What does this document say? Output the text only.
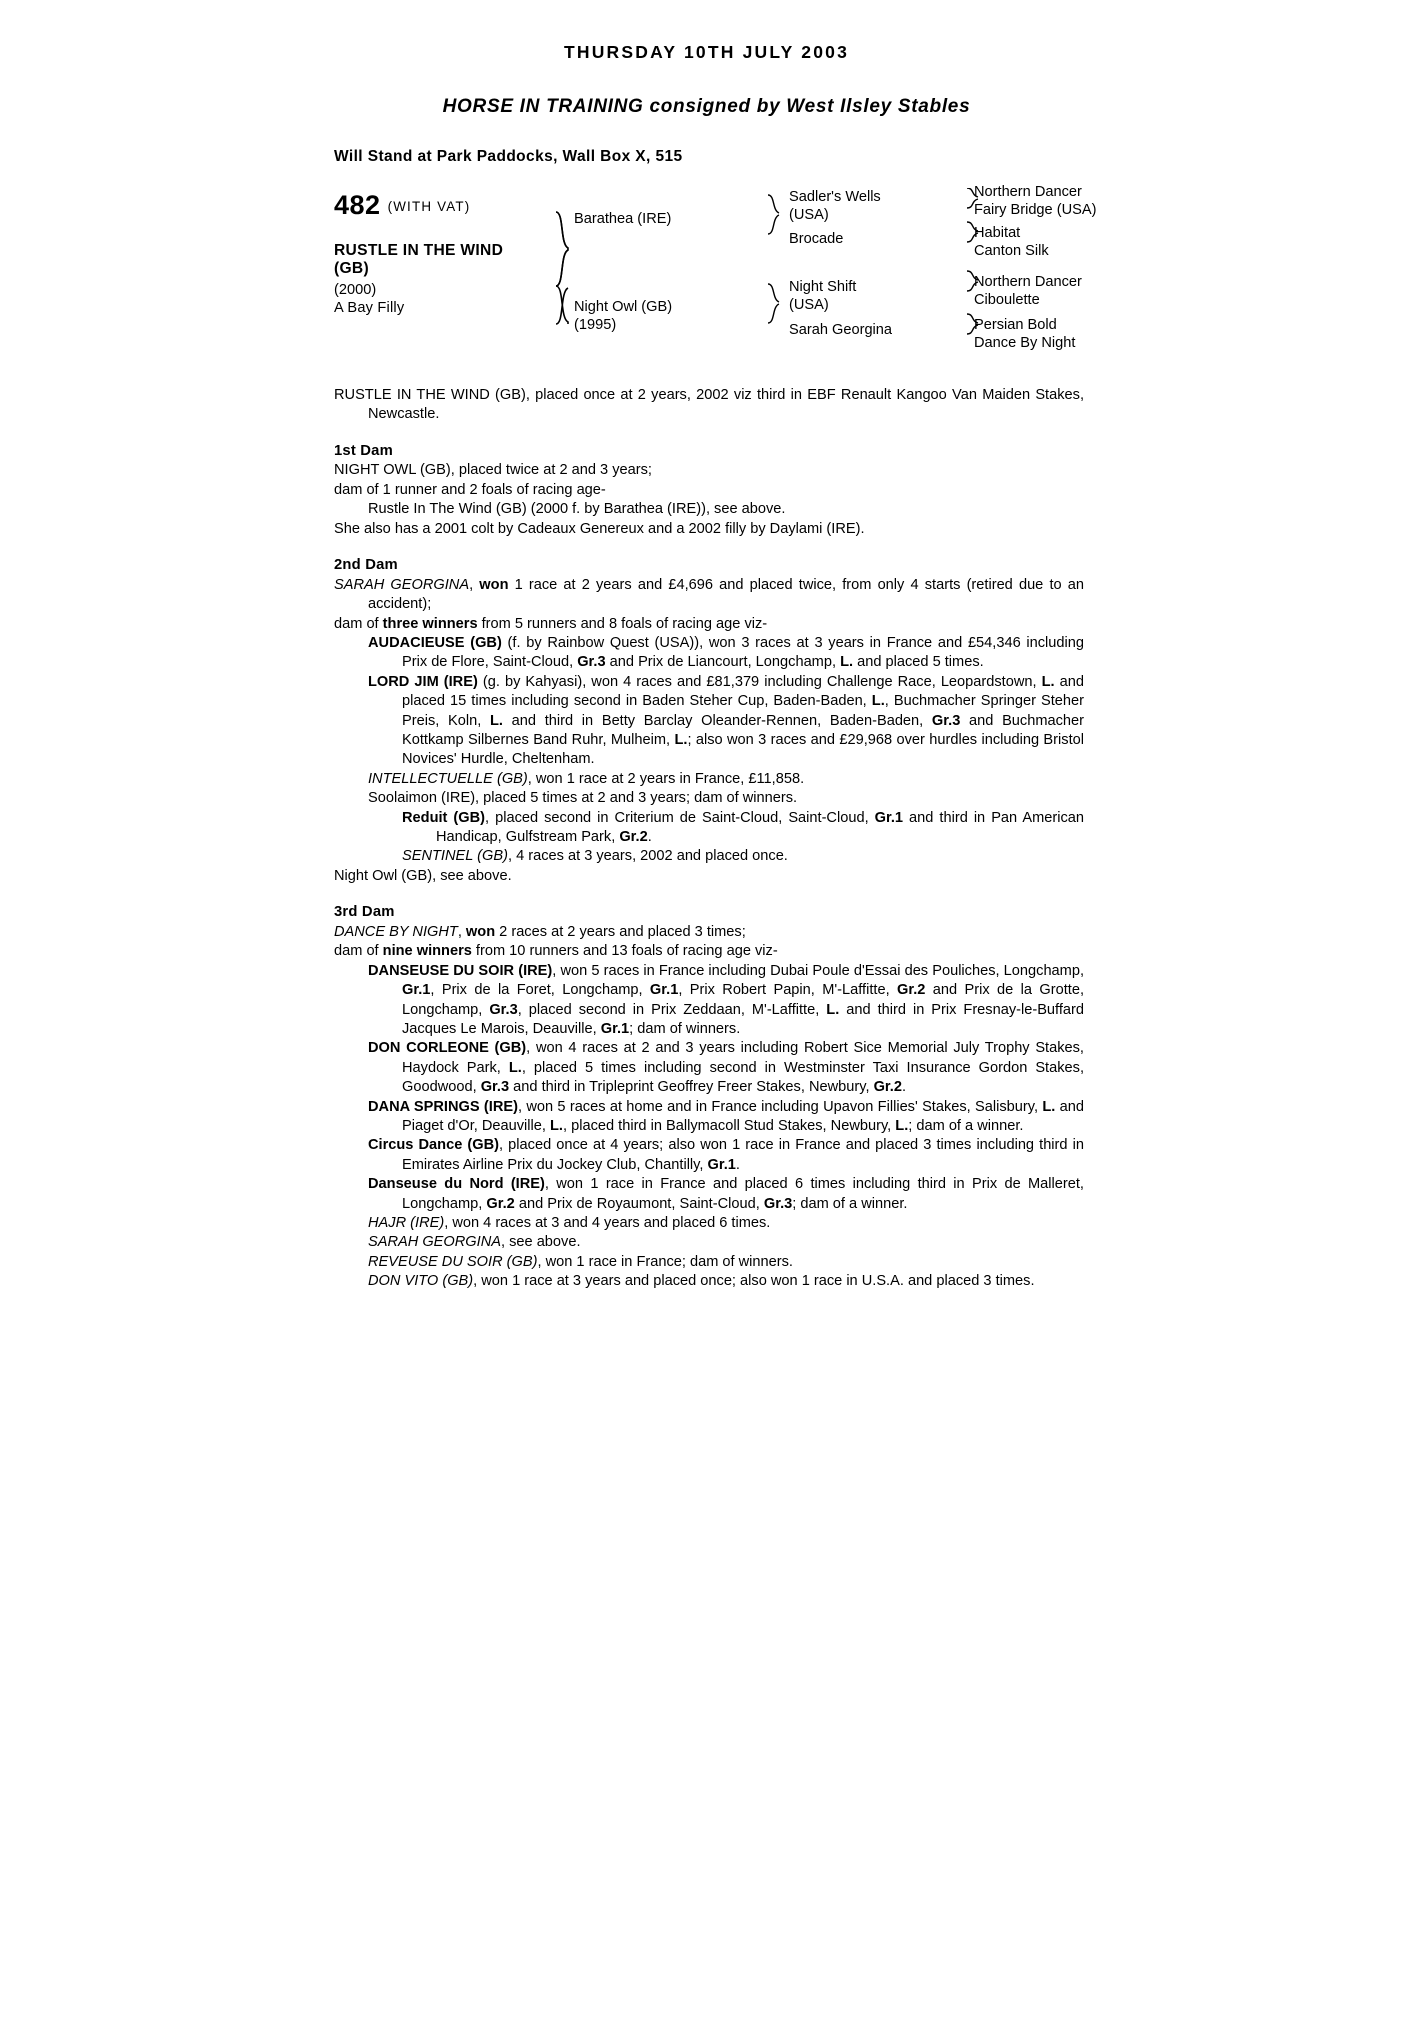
THURSDAY 10TH JULY 2003
HORSE IN TRAINING consigned by West Ilsley Stables
Will Stand at Park Paddocks, Wall Box X, 515
482 (WITH VAT)
RUSTLE IN THE WIND
(GB)
(2000)
A Bay Filly
Barathea (IRE)
Night Owl (GB)
(1995)
Sadler's Wells
(USA)
Brocade
Night Shift
(USA)
Sarah Georgina
Northern Dancer
Fairy Bridge (USA)
Habitat
Canton Silk
Northern Dancer
Ciboulette
Persian Bold
Dance By Night

RUSTLE IN THE WIND (GB), placed once at 2 years, 2002 viz third in EBF Renault Kangoo Van Maiden Stakes, Newcastle.

1st Dam

NIGHT OWL (GB), placed twice at 2 and 3 years;

dam of 1 runner and 2 foals of racing age-

Rustle In The Wind (GB) (2000 f. by Barathea (IRE)), see above.

She also has a 2001 colt by Cadeaux Genereux and a 2002 filly by Daylami (IRE).

2nd Dam

SARAH GEORGINA, won 1 race at 2 years and £4,696 and placed twice, from only 4 starts (retired due to an accident);

dam of three winners from 5 runners and 8 foals of racing age viz-

AUDACIEUSE (GB) (f. by Rainbow Quest (USA)), won 3 races at 3 years in France and £54,346 including Prix de Flore, Saint-Cloud, Gr.3 and Prix de Liancourt, Longchamp, L. and placed 5 times.

LORD JIM (IRE) (g. by Kahyasi), won 4 races and £81,379 including Challenge Race, Leopardstown, L. and placed 15 times including second in Baden Steher Cup, Baden-Baden, L., Buchmacher Springer Steher Preis, Koln, L. and third in Betty Barclay Oleander-Rennen, Baden-Baden, Gr.3 and Buchmacher Kottkamp Silbernes Band Ruhr, Mulheim, L.; also won 3 races and £29,968 over hurdles including Bristol Novices' Hurdle, Cheltenham.

INTELLECTUELLE (GB), won 1 race at 2 years in France, £11,858.

Soolaimon (IRE), placed 5 times at 2 and 3 years; dam of winners.

Reduit (GB), placed second in Criterium de Saint-Cloud, Saint-Cloud, Gr.1 and third in Pan American Handicap, Gulfstream Park, Gr.2.

SENTINEL (GB), 4 races at 3 years, 2002 and placed once.

Night Owl (GB), see above.

3rd Dam

DANCE BY NIGHT, won 2 races at 2 years and placed 3 times;

dam of nine winners from 10 runners and 13 foals of racing age viz-

DANSEUSE DU SOIR (IRE), won 5 races in France including Dubai Poule d'Essai des Pouliches, Longchamp, Gr.1, Prix de la Foret, Longchamp, Gr.1, Prix Robert Papin, M'-Laffitte, Gr.2 and Prix de la Grotte, Longchamp, Gr.3, placed second in Prix Zeddaan, M'-Laffitte, L. and third in Prix Fresnay-le-Buffard Jacques Le Marois, Deauville, Gr.1; dam of winners.

DON CORLEONE (GB), won 4 races at 2 and 3 years including Robert Sice Memorial July Trophy Stakes, Haydock Park, L., placed 5 times including second in Westminster Taxi Insurance Gordon Stakes, Goodwood, Gr.3 and third in Tripleprint Geoffrey Freer Stakes, Newbury, Gr.2.

DANA SPRINGS (IRE), won 5 races at home and in France including Upavon Fillies' Stakes, Salisbury, L. and Piaget d'Or, Deauville, L., placed third in Ballymacoll Stud Stakes, Newbury, L.; dam of a winner.

Circus Dance (GB), placed once at 4 years; also won 1 race in France and placed 3 times including third in Emirates Airline Prix du Jockey Club, Chantilly, Gr.1.

Danseuse du Nord (IRE), won 1 race in France and placed 6 times including third in Prix de Malleret, Longchamp, Gr.2 and Prix de Royaumont, Saint-Cloud, Gr.3; dam of a winner.

HAJR (IRE), won 4 races at 3 and 4 years and placed 6 times.

SARAH GEORGINA, see above.

REVEUSE DU SOIR (GB), won 1 race in France; dam of winners.

DON VITO (GB), won 1 race at 3 years and placed once; also won 1 race in U.S.A. and placed 3 times.
